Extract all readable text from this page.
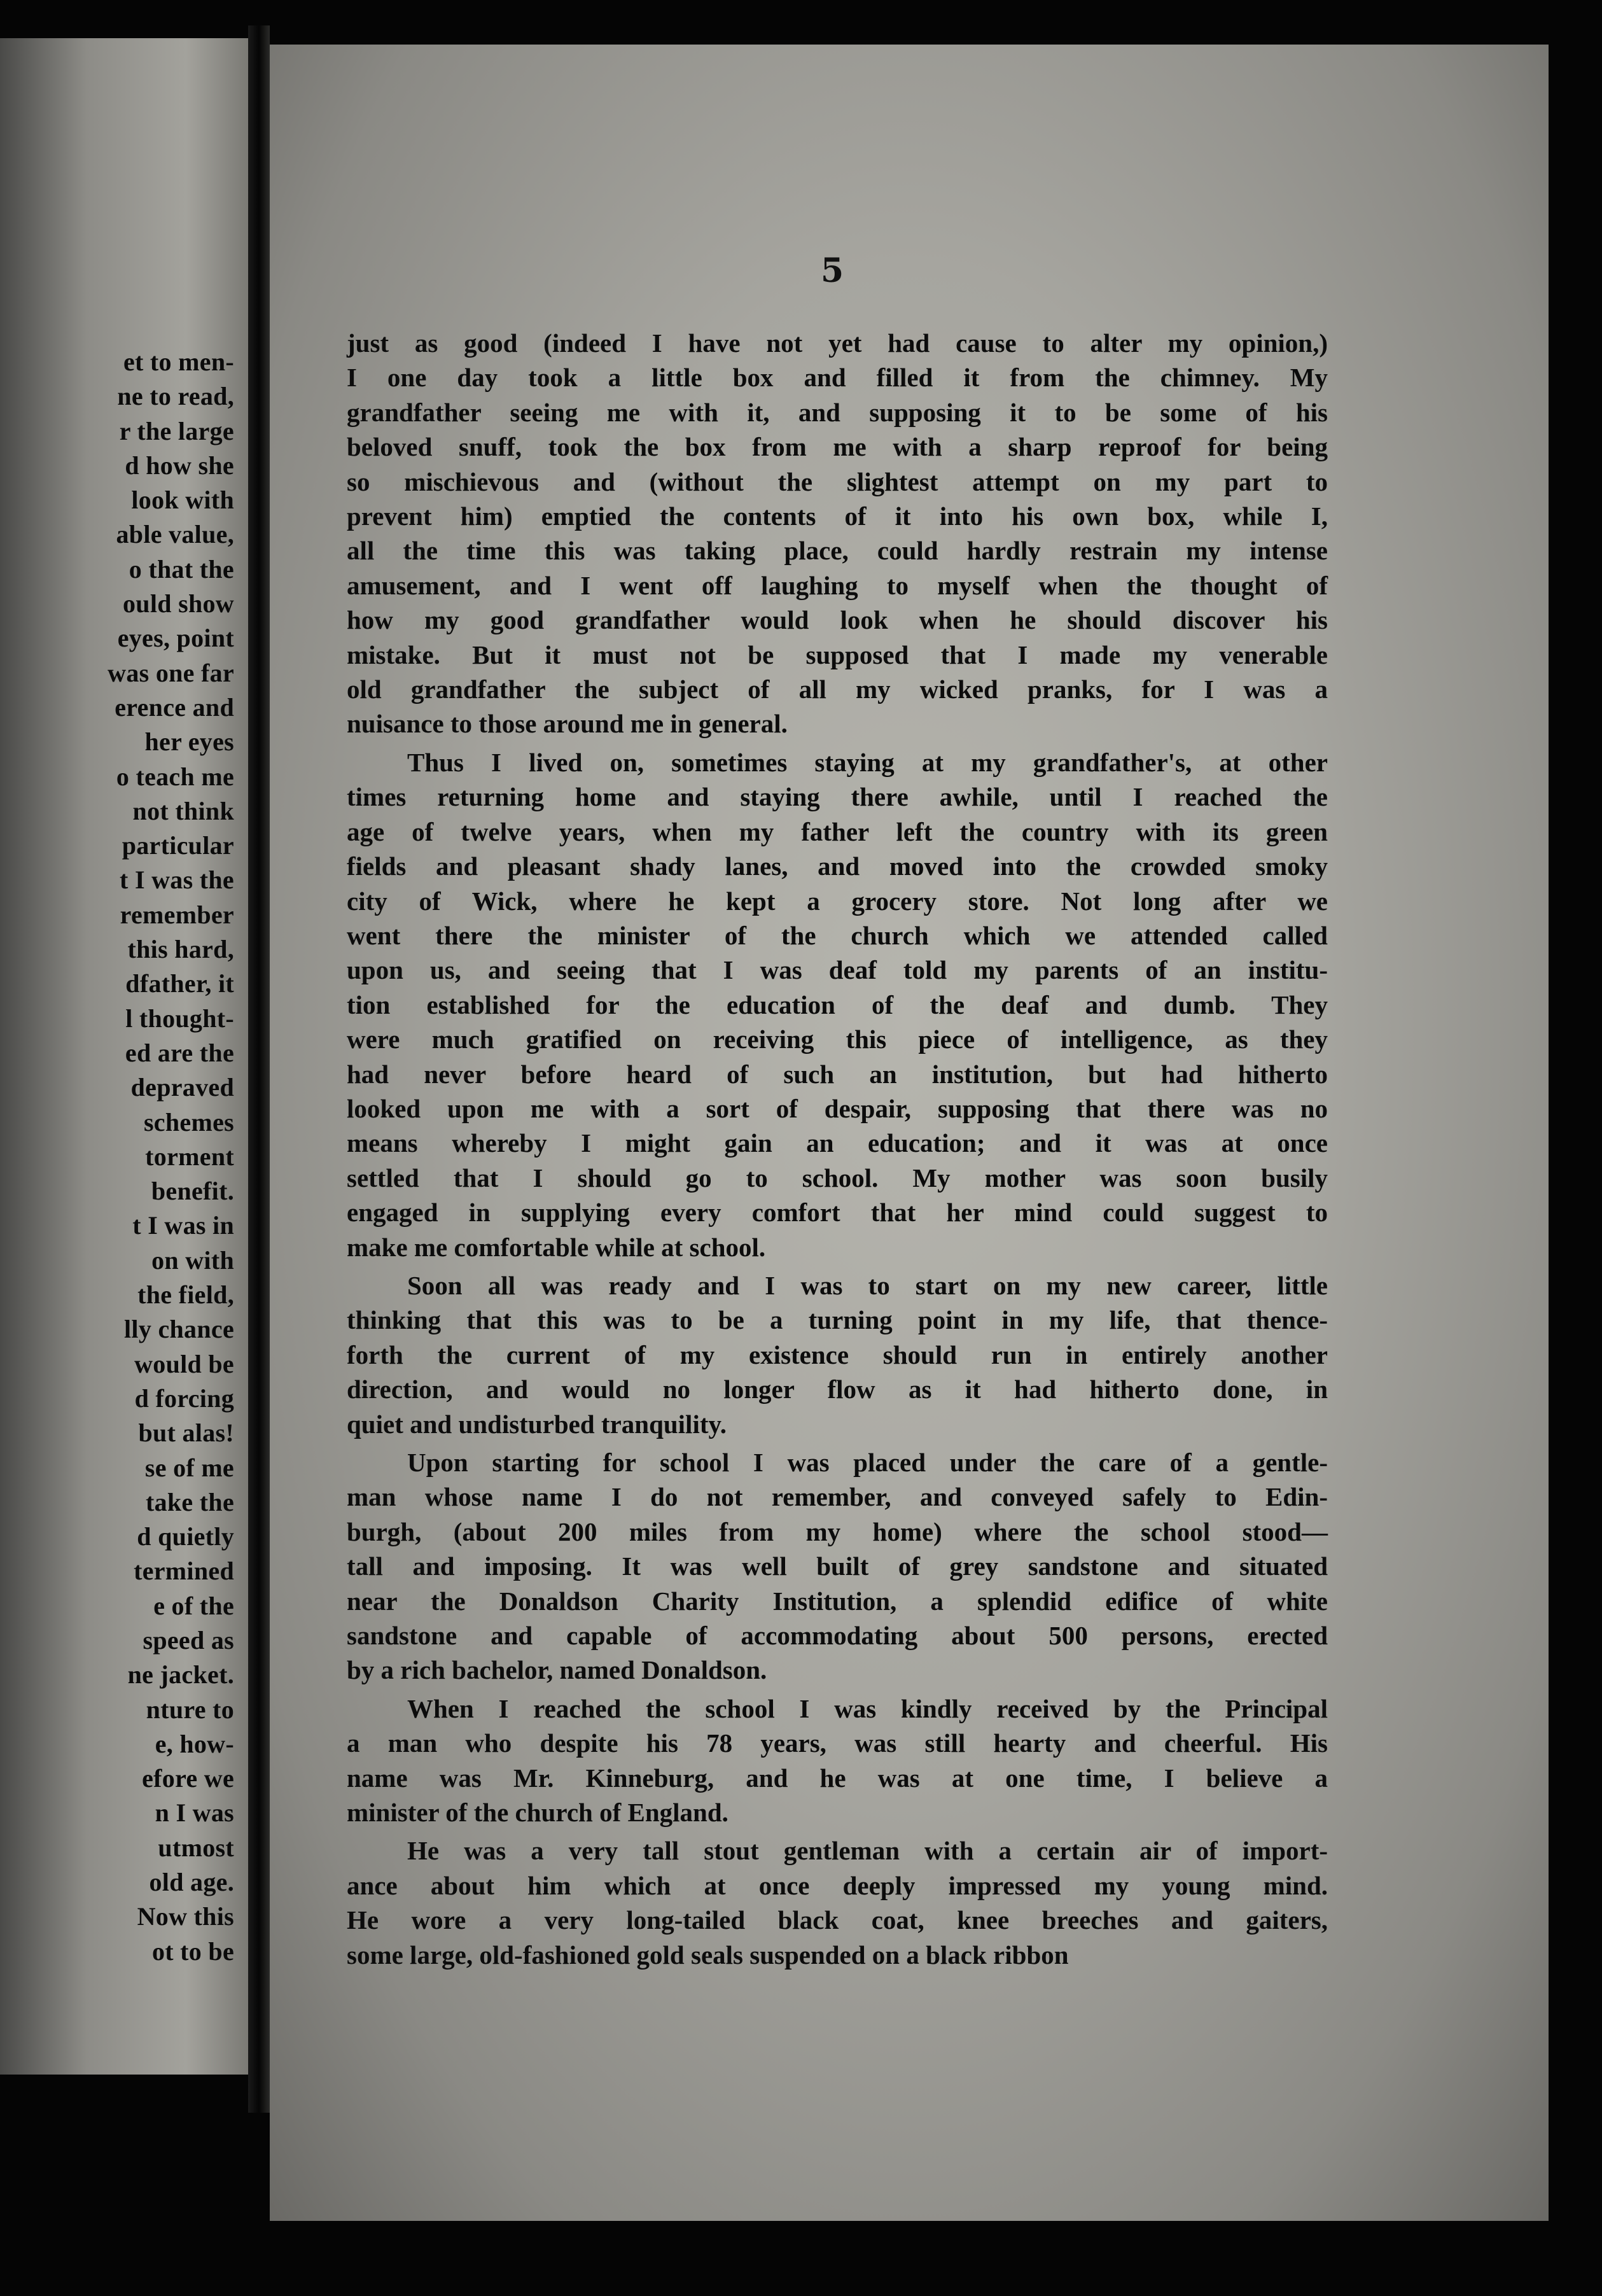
et to men-
ne to read,
r the large
d how she
look with
able value,
o that the
ould show
eyes, point
was one far
erence and
her eyes
o teach me
not think
particular
t I was the
remember
this hard,
dfather, it
l thought-
ed are the
depraved
schemes
torment
benefit.
t I was in
on with
the field,
lly chance
would be
d forcing
but alas!
se of me
take the
d quietly
termined
e of the
speed as
ne jacket.
nture to
e, how-
efore we
n I was
utmost
old age.
Now this
ot to be
5

just as good (indeed I have not yet had cause to alter my opinion,)
I one day took a little box and filled it from the chimney. My
grandfather seeing me with it, and supposing it to be some of his
beloved snuff, took the box from me with a sharp reproof for being
so mischievous and (without the slightest attempt on my part to
prevent him) emptied the contents of it into his own box, while I,
all the time this was taking place, could hardly restrain my intense
amusement, and I went off laughing to myself when the thought of
how my good grandfather would look when he should discover his
mistake. But it must not be supposed that I made my venerable
old grandfather the subject of all my wicked pranks, for I was a
nuisance to those around me in general.

Thus I lived on, sometimes staying at my grandfather's, at other
times returning home and staying there awhile, until I reached the
age of twelve years, when my father left the country with its green
fields and pleasant shady lanes, and moved into the crowded smoky
city of Wick, where he kept a grocery store. Not long after we
went there the minister of the church which we attended called
upon us, and seeing that I was deaf told my parents of an institu-
tion established for the education of the deaf and dumb. They
were much gratified on receiving this piece of intelligence, as they
had never before heard of such an institution, but had hitherto
looked upon me with a sort of despair, supposing that there was no
means whereby I might gain an education; and it was at once
settled that I should go to school. My mother was soon busily
engaged in supplying every comfort that her mind could suggest to
make me comfortable while at school.

Soon all was ready and I was to start on my new career, little
thinking that this was to be a turning point in my life, that thence-
forth the current of my existence should run in entirely another
direction, and would no longer flow as it had hitherto done, in
quiet and undisturbed tranquility.

Upon starting for school I was placed under the care of a gentle-
man whose name I do not remember, and conveyed safely to Edin-
burgh, (about 200 miles from my home) where the school stood—
tall and imposing. It was well built of grey sandstone and situated
near the Donaldson Charity Institution, a splendid edifice of white
sandstone and capable of accommodating about 500 persons, erected
by a rich bachelor, named Donaldson.

When I reached the school I was kindly received by the Principal
a man who despite his 78 years, was still hearty and cheerful. His
name was Mr. Kinneburg, and he was at one time, I believe a
minister of the church of England.

He was a very tall stout gentleman with a certain air of import-
ance about him which at once deeply impressed my young mind.
He wore a very long-tailed black coat, knee breeches and gaiters,
some large, old-fashioned gold seals suspended on a black ribbon
